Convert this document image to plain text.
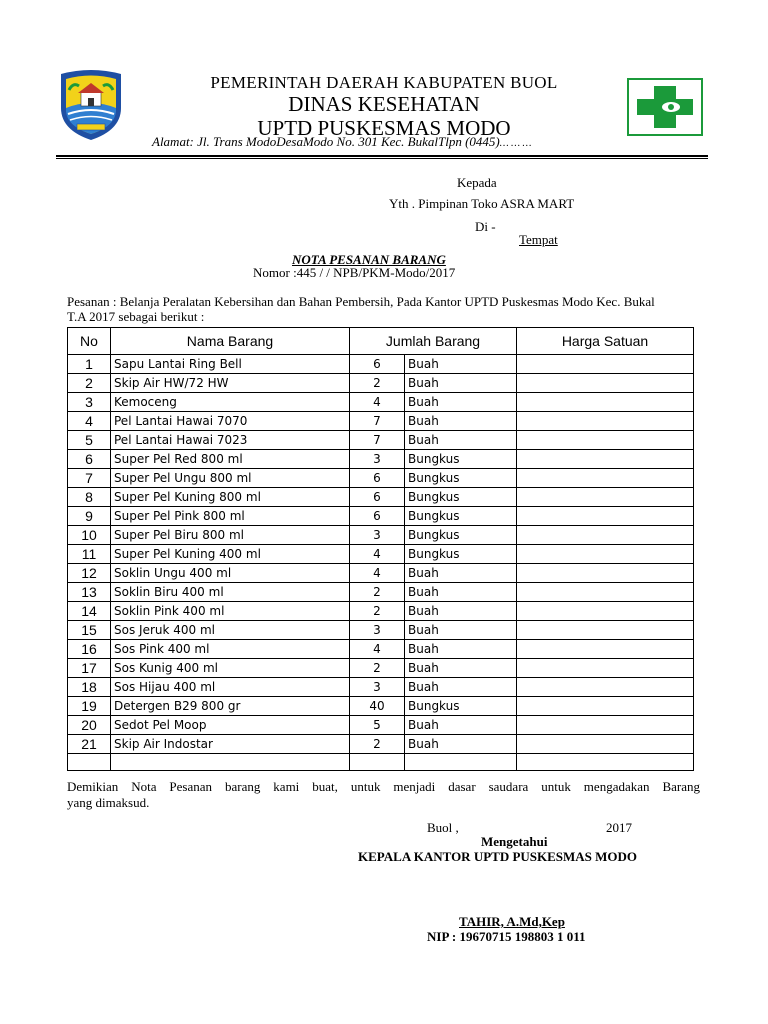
PEMERINTAH DAERAH KABUPATEN BUOL
DINAS KESEHATAN
UPTD PUSKESMAS MODO
Alamat: Jl. Trans ModoDesaModo No. 301 Kec. BukalTlpn (0445)… … …
Kepada
Yth . Pimpinan Toko ASRA MART
Di -
Tempat
NOTA PESANAN BARANG
Nomor :445 / / NPB/PKM-Modo/2017
Pesanan : Belanja Peralatan Kebersihan dan Bahan Pembersih, Pada Kantor UPTD Puskesmas Modo Kec. Bukal
T.A 2017 sebagai berikut :
No	Nama Barang	Jumlah Barang		Harga Satuan
1	Sapu Lantai Ring Bell	6	Buah	
2	Skip Air HW/72 HW	2	Buah	
3	Kemoceng	4	Buah	
4	Pel Lantai Hawai 7070	7	Buah	
5	Pel Lantai Hawai 7023	7	Buah	
6	Super Pel Red 800 ml	3	Bungkus	
7	Super Pel Ungu 800 ml	6	Bungkus	
8	Super Pel Kuning 800 ml	6	Bungkus	
9	Super Pel Pink 800 ml	6	Bungkus	
10	Super Pel Biru 800 ml	3	Bungkus	
11	Super Pel Kuning 400 ml	4	Bungkus	
12	Soklin Ungu 400 ml	4	Buah	
13	Soklin Biru 400 ml	2	Buah	
14	Soklin Pink 400 ml	2	Buah	
15	Sos Jeruk 400 ml	3	Buah	
16	Sos Pink 400 ml	4	Buah	
17	Sos Kunig 400 ml	2	Buah	
18	Sos Hijau 400 ml	3	Buah	
19	Detergen B29 800 gr	40	Bungkus	
20	Sedot Pel Moop	5	Buah	
21	Skip Air Indostar	2	Buah	

Demikian Nota Pesanan barang kami buat, untuk menjadi dasar saudara untuk mengadakan Barang
yang dimaksud.
Buol ,	2017
Mengetahui
KEPALA KANTOR UPTD PUSKESMAS MODO
TAHIR, A.Md,Kep
NIP : 19670715 198803 1 011
